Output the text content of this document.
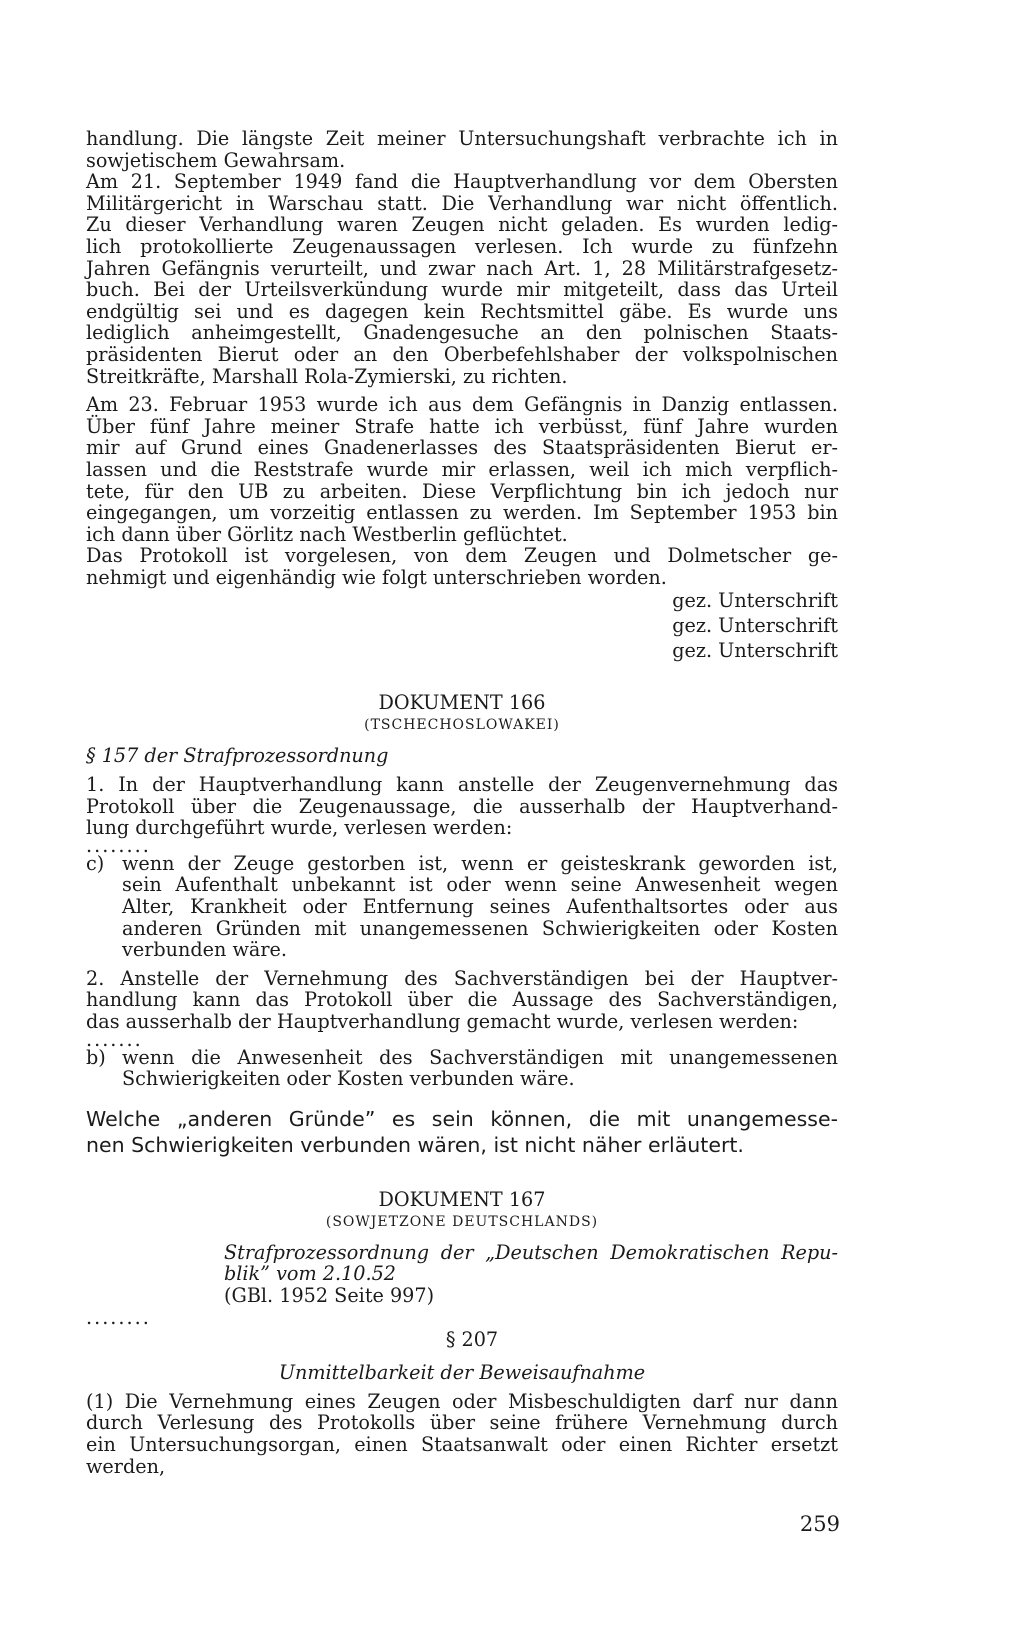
handlung. Die längste Zeit meiner Untersuchungshaft verbrachte ich in
sowjetischem Gewahrsam.
Am 21. September 1949 fand die Hauptverhandlung vor dem Obersten
Militärgericht in Warschau statt. Die Verhandlung war nicht öffentlich.
Zu dieser Verhandlung waren Zeugen nicht geladen. Es wurden ledig-
lich protokollierte Zeugenaussagen verlesen. Ich wurde zu fünfzehn
Jahren Gefängnis verurteilt, und zwar nach Art. 1, 28 Militärstrafgesetz-
buch. Bei der Urteilsverkündung wurde mir mitgeteilt, dass das Urteil
endgültig sei und es dagegen kein Rechtsmittel gäbe. Es wurde uns
lediglich anheimgestellt, Gnadengesuche an den polnischen Staats-
präsidenten Bierut oder an den Oberbefehlshaber der volkspolnischen
Streitkräfte, Marshall Rola-Zymierski, zu richten.
Am 23. Februar 1953 wurde ich aus dem Gefängnis in Danzig entlassen.
Über fünf Jahre meiner Strafe hatte ich verbüsst, fünf Jahre wurden
mir auf Grund eines Gnadenerlasses des Staatspräsidenten Bierut er-
lassen und die Reststrafe wurde mir erlassen, weil ich mich verpflich-
tete, für den UB zu arbeiten. Diese Verpflichtung bin ich jedoch nur
eingegangen, um vorzeitig entlassen zu werden. Im September 1953 bin
ich dann über Görlitz nach Westberlin geflüchtet.
Das Protokoll ist vorgelesen, von dem Zeugen und Dolmetscher ge-
nehmigt und eigenhändig wie folgt unterschrieben worden.
gez. Unterschrift
gez. Unterschrift
gez. Unterschrift
DOKUMENT 166
(TSCHECHOSLOWAKEI)
§ 157 der Strafprozessordnung
1. In der Hauptverhandlung kann anstelle der Zeugenvernehmung das
Protokoll über die Zeugenaussage, die ausserhalb der Hauptverhand-
lung durchgeführt wurde, verlesen werden:
........
c) wenn der Zeuge gestorben ist, wenn er geisteskrank geworden ist,
sein Aufenthalt unbekannt ist oder wenn seine Anwesenheit wegen
Alter, Krankheit oder Entfernung seines Aufenthaltsortes oder aus
anderen Gründen mit unangemessenen Schwierigkeiten oder Kosten
verbunden wäre.
2. Anstelle der Vernehmung des Sachverständigen bei der Hauptver-
handlung kann das Protokoll über die Aussage des Sachverständigen,
das ausserhalb der Hauptverhandlung gemacht wurde, verlesen werden:
.......
b) wenn die Anwesenheit des Sachverständigen mit unangemessenen
Schwierigkeiten oder Kosten verbunden wäre.
Welche „anderen Gründe” es sein können, die mit unangemesse-
nen Schwierigkeiten verbunden wären, ist nicht näher erläutert.
DOKUMENT 167
(SOWJETZONE DEUTSCHLANDS)
Strafprozessordnung der „Deutschen Demokratischen Repu-
blik” vom 2.10.52
(GBl. 1952 Seite 997)
........
§ 207
Unmittelbarkeit der Beweisaufnahme
(1) Die Vernehmung eines Zeugen oder Misbeschuldigten darf nur dann
durch Verlesung des Protokolls über seine frühere Vernehmung durch
ein Untersuchungsorgan, einen Staatsanwalt oder einen Richter ersetzt
werden,
259
